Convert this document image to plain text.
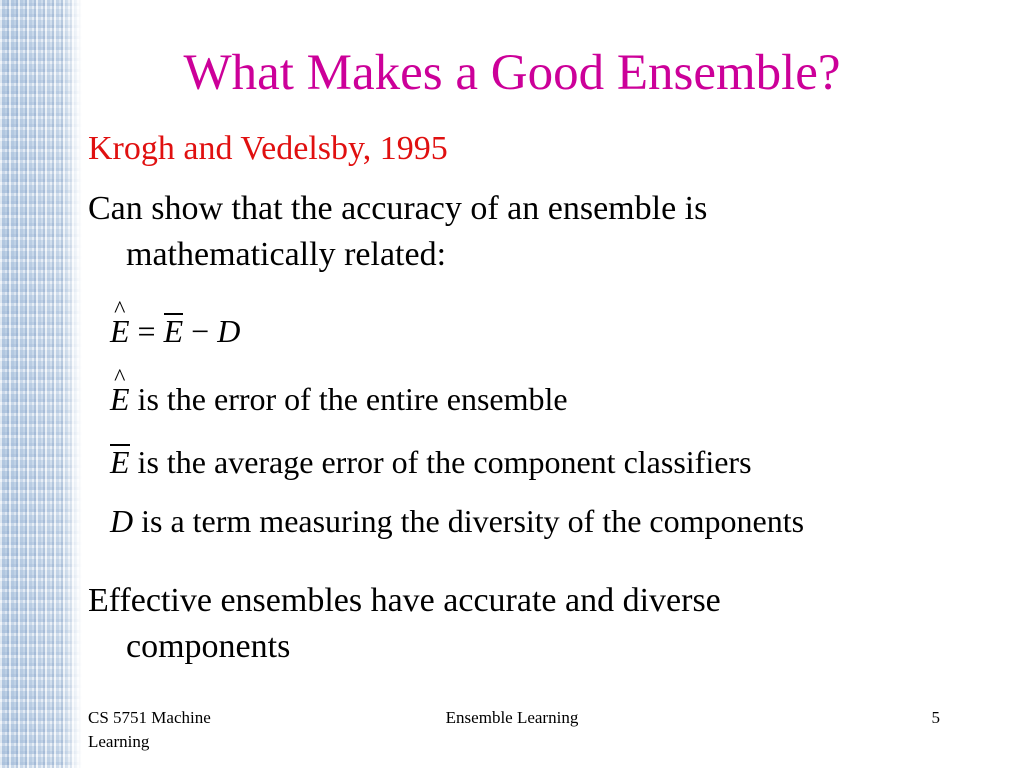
What Makes a Good Ensemble?
Krogh and Vedelsby, 1995
Can show that the accuracy of an ensemble is
mathematically related:
^ E = E − D
^ E is the error of the entire ensemble
E is the average error of the component classifiers
D is a term measuring the diversity of the components
Effective ensembles have accurate and diverse
components
CS 5751 Machine
Learning
Ensemble Learning	5
